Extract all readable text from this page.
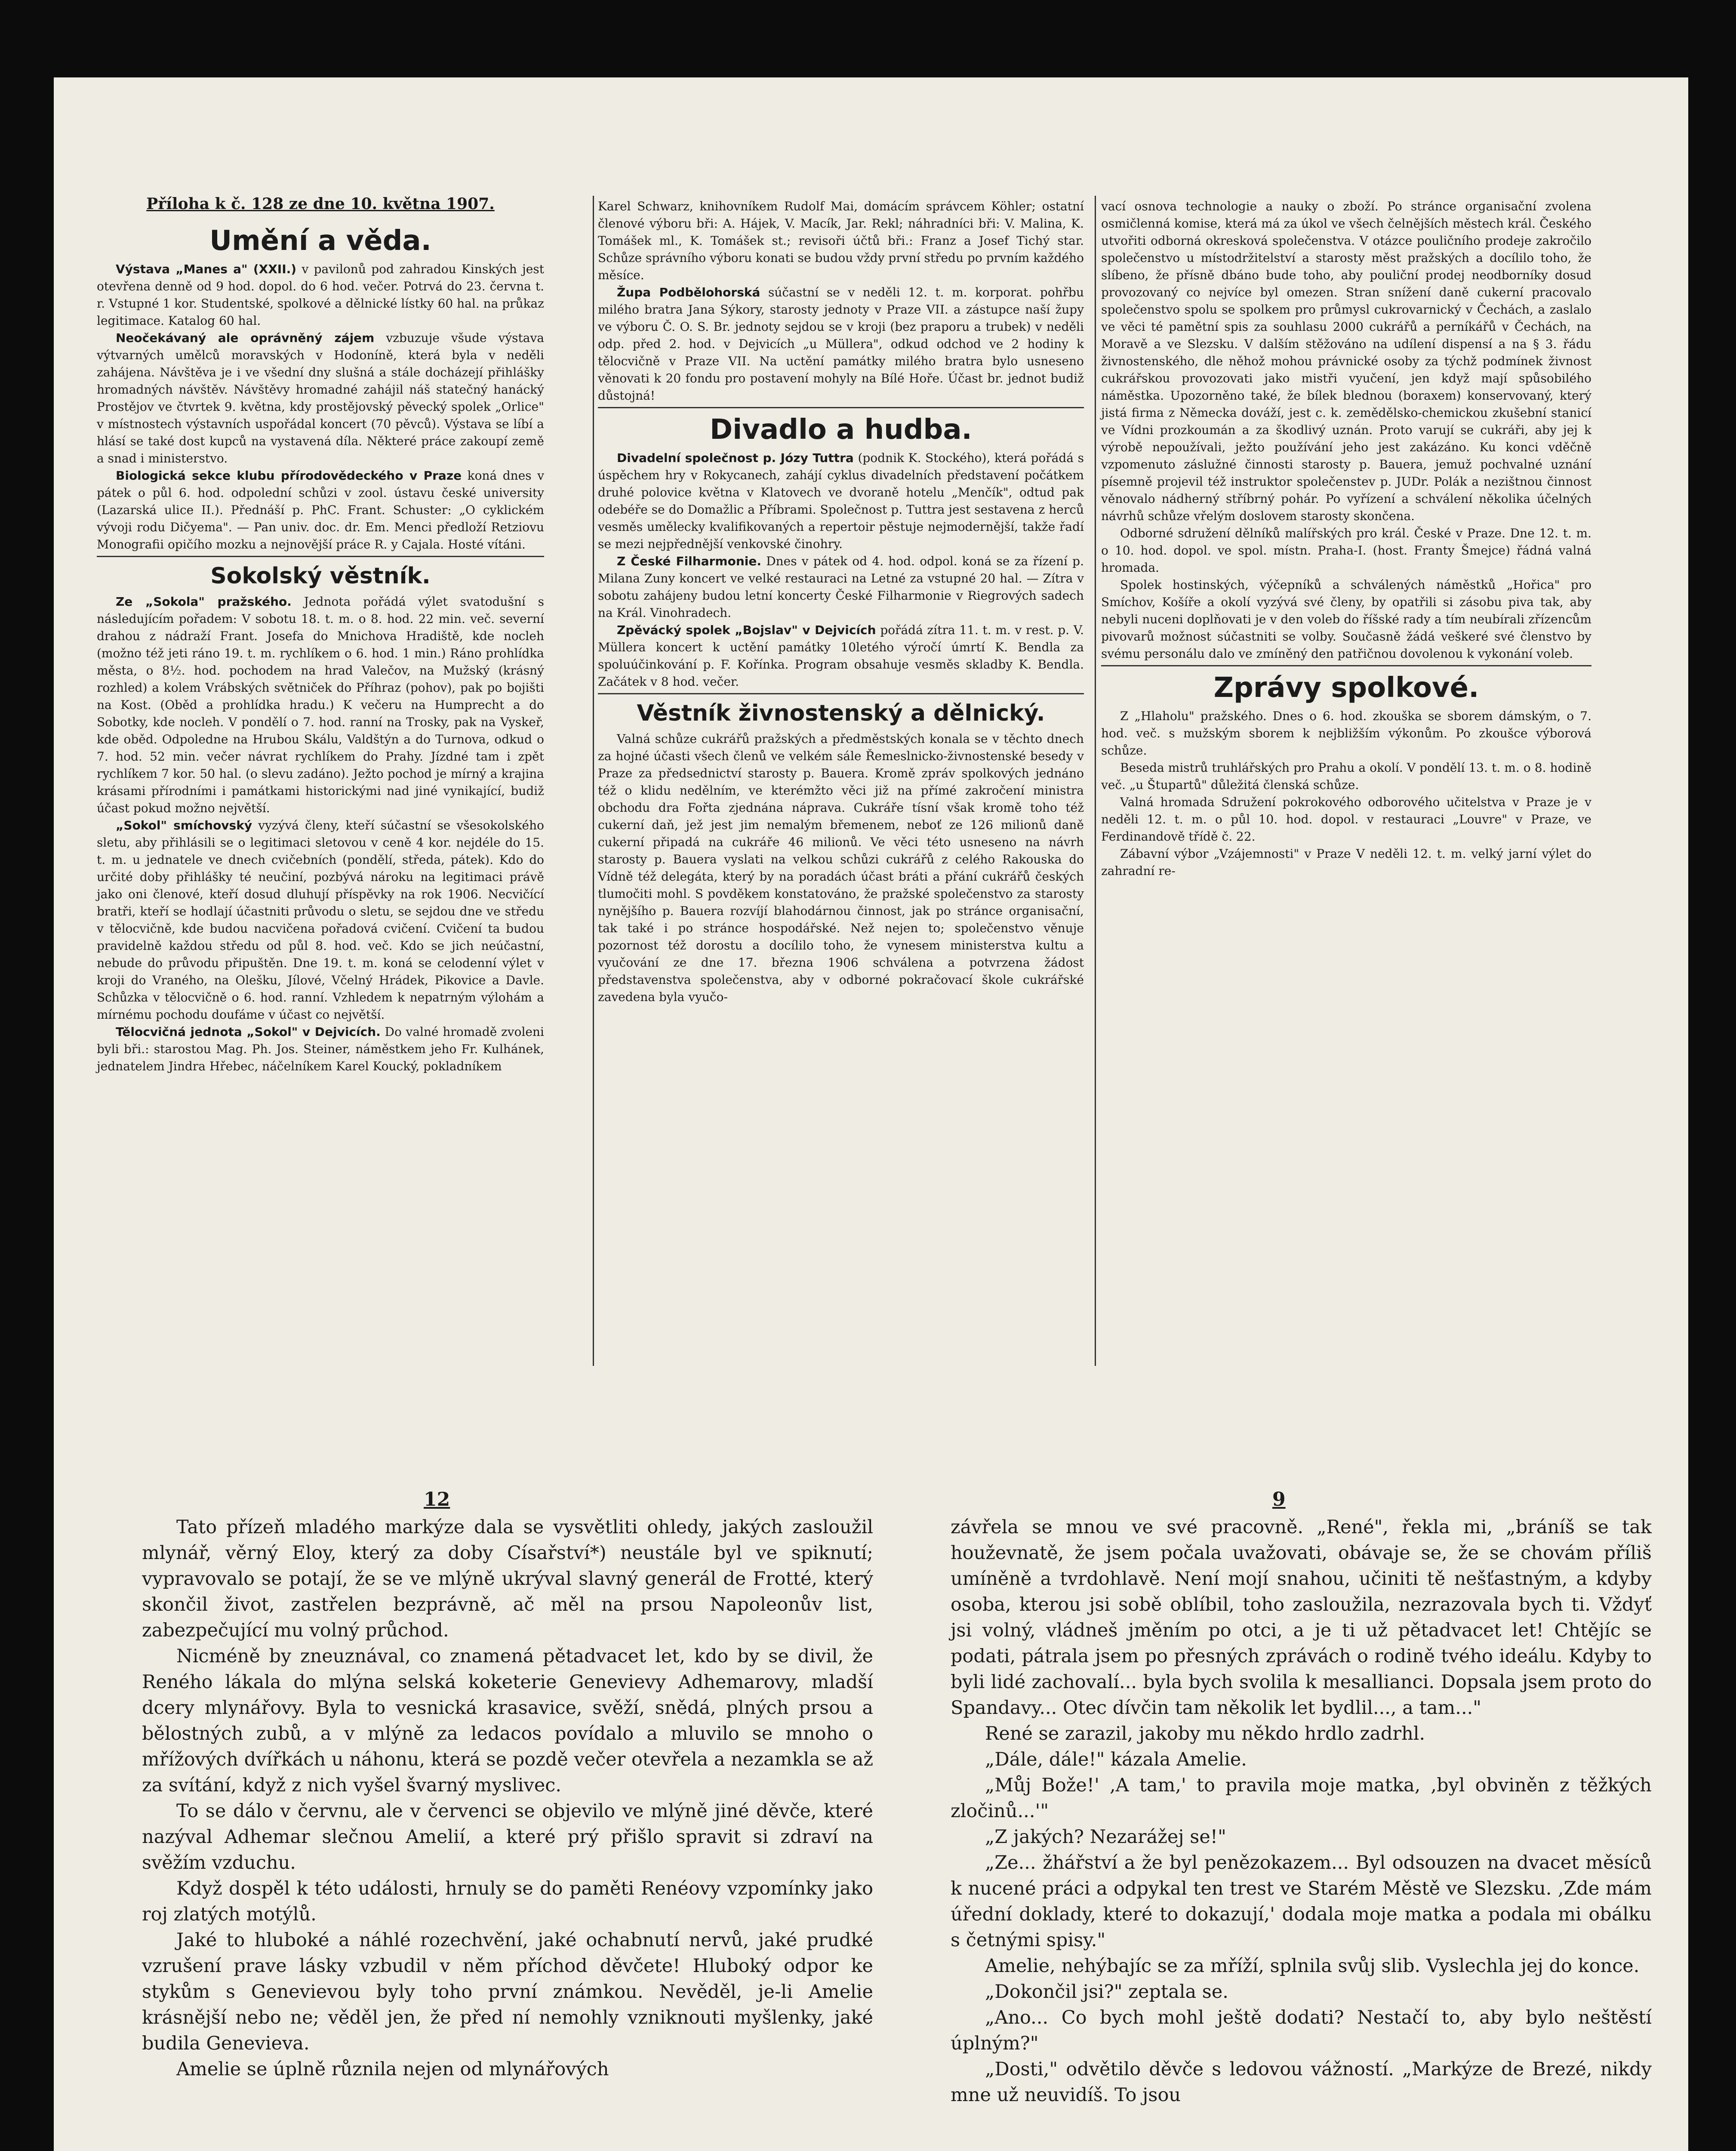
Příloha k č. 128 ze dne 10. května 1907.
Umění a věda.

Výstava „Manes a" (XXII.) v pavilonů pod zahradou Kinských jest otevřena denně od 9 hod. dopol. do 6 hod. večer. Potrvá do 23. června t. r. Vstupné 1 kor. Studentské, spolkové a dělnické lístky 60 hal. na průkaz legitimace. Katalog 60 hal.

Neočekávaný ale oprávněný zájem vzbuzuje všude výstava výtvarných umělců moravských v Hodoníně, která byla v neděli zahájena. Návštěva je i ve všední dny slušná a stále docházejí přihlášky hromadných návštěv. Návštěvy hromadné zahájil náš statečný hanácký Prostějov ve čtvrtek 9. května, kdy prostějovský pěvecký spolek „Orlice" v místnostech výstavních uspořádal koncert (70 pěvců). Výstava se líbí a hlásí se také dost kupců na vystavená díla. Některé práce zakoupí země a snad i ministerstvo.

Biologická sekce klubu přírodovědeckého v Praze koná dnes v pátek o půl 6. hod. odpolední schůzi v zool. ústavu české university (Lazarská ulice II.). Přednáší p. PhC. Frant. Schuster: „O cyklickém vývoji rodu Dičyema". — Pan univ. doc. dr. Em. Menci předloží Retziovu Monografii opičího mozku a nejnovější práce R. y Cajala. Hosté vítáni.

Sokolský věstník.

Ze „Sokola" pražského. Jednota pořádá výlet svatodušní s následujícím pořadem: V sobotu 18. t. m. o 8. hod. 22 min. več. severní drahou z nádraží Frant. Josefa do Mnichova Hradiště, kde nocleh (možno též jeti ráno 19. t. m. rychlíkem o 6. hod. 1 min.) Ráno prohlídka města, o 8½. hod. pochodem na hrad Valečov, na Mužský (krásný rozhled) a kolem Vrábských světniček do Příhraz (pohov), pak po bojišti na Kost. (Oběd a prohlídka hradu.) K večeru na Humprecht a do Sobotky, kde nocleh. V pondělí o 7. hod. ranní na Trosky, pak na Vyskeř, kde oběd. Odpoledne na Hrubou Skálu, Valdštýn a do Turnova, odkud o 7. hod. 52 min. večer návrat rychlíkem do Prahy. Jízdné tam i zpět rychlíkem 7 kor. 50 hal. (o slevu zadáno). Ježto pochod je mírný a krajina krásami přírodními i památkami historickými nad jiné vynikající, budiž účast pokud možno největší.

„Sokol" smíchovský vyzývá členy, kteří súčastní se všesokolského sletu, aby přihlásili se o legitimaci sletovou v ceně 4 kor. nejdéle do 15. t. m. u jednatele ve dnech cvičebních (pondělí, středa, pátek). Kdo do určité doby přihlášky té neučiní, pozbývá nároku na legitimaci právě jako oni členové, kteří dosud dluhují příspěvky na rok 1906. Necvičící bratři, kteří se hodlají účastniti průvodu o sletu, se sejdou dne ve středu v tělocvičně, kde budou nacvičena pořadová cvičení. Cvičení ta budou pravidelně každou středu od půl 8. hod. več. Kdo se jich neúčastní, nebude do průvodu připuštěn. Dne 19. t. m. koná se celodenní výlet v kroji do Vraného, na Olešku, Jílové, Včelný Hrádek, Pikovice a Davle. Schůzka v tělocvičně o 6. hod. ranní. Vzhledem k nepatrným výlohám a mírnému pochodu doufáme v účast co největší.

Tělocvičná jednota „Sokol" v Dejvicích. Do valné hromadě zvoleni byli bři.: starostou Mag. Ph. Jos. Steiner, náměstkem jeho Fr. Kulhánek, jednatelem Jindra Hřebec, náčelníkem Karel Koucký, pokladníkem

Karel Schwarz, knihovníkem Rudolf Mai, domácím správcem Köhler; ostatní členové výboru bři: A. Hájek, V. Macík, Jar. Rekl; náhradníci bři: V. Malina, K. Tomášek ml., K. Tomášek st.; revisoři účtů bři.: Franz a Josef Tichý star. Schůze správního výboru konati se budou vždy první středu po prvním každého měsíce.

Župa Podbělohorská súčastní se v neděli 12. t. m. korporat. pohřbu milého bratra Jana Sýkory, starosty jednoty v Praze VII. a zástupce naší župy ve výboru Č. O. S. Br. jednoty sejdou se v kroji (bez praporu a trubek) v neděli odp. před 2. hod. v Dejvicích „u Müllera", odkud odchod ve 2 hodiny k tělocvičně v Praze VII. Na uctění památky milého bratra bylo usneseno věnovati k 20 fondu pro postavení mohyly na Bílé Hoře. Účast br. jednot budiž důstojná!

Divadlo a hudba.

Divadelní společnost p. Józy Tuttra (podnik K. Stockého), která pořádá s úspěchem hry v Rokycanech, zahájí cyklus divadelních představení počátkem druhé polovice května v Klatovech ve dvoraně hotelu „Menčík", odtud pak odebéře se do Domažlic a Příbrami. Společnost p. Tuttra jest sestavena z herců vesměs umělecky kvalifikovaných a repertoir pěstuje nejmodernější, takže řadí se mezi nejpřednější venkovské činohry.

Z České Filharmonie. Dnes v pátek od 4. hod. odpol. koná se za řízení p. Milana Zuny koncert ve velké restauraci na Letné za vstupné 20 hal. — Zítra v sobotu zahájeny budou letní koncerty České Filharmonie v Riegrových sadech na Král. Vinohradech.

Zpěvácký spolek „Bojslav" v Dejvicích pořádá zítra 11. t. m. v rest. p. V. Müllera koncert k uctění památky 10letého výročí úmrtí K. Bendla za spoluúčinkování p. F. Kořínka. Program obsahuje vesměs skladby K. Bendla. Začátek v 8 hod. večer.

Věstník živnostenský a dělnický.

Valná schůze cukrářů pražských a předměstských konala se v těchto dnech za hojné účasti všech členů ve velkém sále Řemeslnicko-živnostenské besedy v Praze za předsednictví starosty p. Bauera. Kromě zpráv spolkových jednáno též o klidu nedělním, ve kterémžto věci již na přímé zakročení ministra obchodu dra Fořta zjednána náprava. Cukráře tísní však kromě toho též cukerní daň, jež jest jim nemalým břemenem, neboť ze 126 milionů daně cukerní připadá na cukráře 46 milionů. Ve věci této usneseno na návrh starosty p. Bauera vyslati na velkou schůzi cukrářů z celého Rakouska do Vídně též delegáta, který by na poradách účast bráti a přání cukrářů českých tlumočiti mohl. S povděkem konstatováno, že pražské společenstvo za starosty nynějšího p. Bauera rozvíjí blahodárnou činnost, jak po stránce organisační, tak také i po stránce hospodářské. Než nejen to; společenstvo věnuje pozornost též dorostu a docílilo toho, že vynesem ministerstva kultu a vyučování ze dne 17. března 1906 schválena a potvrzena žádost představenstva společenstva, aby v odborné pokračovací škole cukrářské zavedena byla vyučo-

vací osnova technologie a nauky o zboží. Po stránce organisační zvolena osmičlenná komise, která má za úkol ve všech čelnějších městech král. Českého utvořiti odborná okresková společenstva. V otázce pouličního prodeje zakročilo společenstvo u místodržitelství a starosty měst pražských a docílilo toho, že slíbeno, že přísně dbáno bude toho, aby pouliční prodej neodborníky dosud provozovaný co nejvíce byl omezen. Stran snížení daně cukerní pracovalo společenstvo spolu se spolkem pro průmysl cukrovarnický v Čechách, a zaslalo ve věci té pamětní spis za souhlasu 2000 cukrářů a perníkářů v Čechách, na Moravě a ve Slezsku. V dalším stěžováno na udílení dispensí a na § 3. řádu živnostenského, dle něhož mohou právnické osoby za týchž podmínek živnost cukrářskou provozovati jako mistři vyučení, jen když mají spůsobilého náměstka. Upozorněno také, že bílek blednou (boraxem) konservovaný, který jistá firma z Německa dováží, jest c. k. zemědělsko-chemickou zkušební stanicí ve Vídni prozkoumán a za škodlivý uznán. Proto varují se cukráři, aby jej k výrobě nepoužívali, ježto používání jeho jest zakázáno. Ku konci vděčně vzpomenuto záslužné činnosti starosty p. Bauera, jemuž pochvalné uznání písemně projevil též instruktor společenstev p. JUDr. Polák a nezištnou činnost věnovalo nádherný stříbrný pohár. Po vyřízení a schválení několika účelných návrhů schůze vřelým doslovem starosty skončena.

Odborné sdružení dělníků malířských pro král. České v Praze. Dne 12. t. m. o 10. hod. dopol. ve spol. místn. Praha-I. (host. Franty Šmejce) řádná valná hromada.

Spolek hostinských, výčepníků a schválených náměstků „Hořica" pro Smíchov, Košíře a okolí vyzývá své členy, by opatřili si zásobu piva tak, aby nebyli nuceni doplňovati je v den voleb do říšské rady a tím neubírali zřízencům pivovarů možnost súčastniti se volby. Současně žádá veškeré své členstvo by svému personálu dalo ve zmíněný den patřičnou dovolenou k vykonání voleb.

Zprávy spolkové.

Z „Hlaholu" pražského. Dnes o 6. hod. zkouška se sborem dámským, o 7. hod. več. s mužským sborem k nejbližším výkonům. Po zkoušce výborová schůze.

Beseda mistrů truhlářských pro Prahu a okolí. V pondělí 13. t. m. o 8. hodině več. „u Štupartů" důležitá členská schůze.

Valná hromada Sdružení pokrokového odborového učitelstva v Praze je v neděli 12. t. m. o půl 10. hod. dopol. v restauraci „Louvre" v Praze, ve Ferdinandově třídě č. 22.

Zábavní výbor „Vzájemnosti" v Praze V neděli 12. t. m. velký jarní výlet do zahradní re-

12	9

Tato přízeň mladého markýze dala se vysvětliti ohledy, jakých zasloužil mlynář, věrný Eloy, který za doby Císařství*) neustále byl ve spiknutí; vypravovalo se potají, že se ve mlýně ukrýval slavný generál de Frotté, který skončil život, zastřelen bezprávně, ač měl na prsou Napoleonův list, zabezpečující mu volný průchod.

Nicméně by zneuznával, co znamená pětadvacet let, kdo by se divil, že Reného lákala do mlýna selská koketerie Genevievy Adhemarovy, mladší dcery mlynářovy. Byla to vesnická krasavice, svěží, snědá, plných prsou a bělostných zubů, a v mlýně za ledacos povídalo a mluvilo se mnoho o mřížových dvířkách u náhonu, která se pozdě večer otevřela a nezamkla se až za svítání, když z nich vyšel švarný myslivec.

To se dálo v červnu, ale v červenci se objevilo ve mlýně jiné děvče, které nazýval Adhemar slečnou Amelií, a které prý přišlo spravit si zdraví na svěžím vzduchu.

Když dospěl k této události, hrnuly se do paměti Renéovy vzpomínky jako roj zlatých motýlů.

Jaké to hluboké a náhlé rozechvění, jaké ochabnutí nervů, jaké prudké vzrušení prave lásky vzbudil v něm příchod děvčete! Hluboký odpor ke stykům s Genevievou byly toho první známkou. Nevěděl, je-li Amelie krásnější nebo ne; věděl jen, že před ní nemohly vzniknouti myšlenky, jaké budila Genevieva.

Amelie se úplně různila nejen od mlynářových

závřela se mnou ve své pracovně. „René", řekla mi, „bráníš se tak houževnatě, že jsem počala uvažovati, obávaje se, že se chovám příliš umíněně a tvrdohlavě. Není mojí snahou, učiniti tě nešťastným, a kdyby osoba, kterou jsi sobě oblíbil, toho zasloužila, nezrazovala bych ti. Vždyť jsi volný, vládneš jměním po otci, a je ti už pětadvacet let! Chtějíc se podati, pátrala jsem po přesných zprávách o rodině tvého ideálu. Kdyby to byli lidé zachovalí... byla bych svolila k mesallianci. Dopsala jsem proto do Spandavy... Otec dívčin tam několik let bydlil..., a tam..."

René se zarazil, jakoby mu někdo hrdlo zadrhl.

„Dále, dále!" kázala Amelie.

„Můj Bože!' ,A tam,' to pravila moje matka, ,byl obviněn z těžkých zločinů...'"

„Z jakých? Nezarážej se!"

„Ze... žhářství a že byl penězokazem... Byl odsouzen na dvacet měsíců k nucené práci a odpykal ten trest ve Starém Městě ve Slezsku. ,Zde mám úřední doklady, které to dokazují,' dodala moje matka a podala mi obálku s četnými spisy."

Amelie, nehýbajíc se za mříží, splnila svůj slib. Vyslechla jej do konce.

„Dokončil jsi?" zeptala se.

„Ano... Co bych mohl ještě dodati? Nestačí to, aby bylo neštěstí úplným?"

„Dosti," odvětilo děvče s ledovou vážností. „Markýze de Brezé, nikdy mne už neuvidíš. To jsou
